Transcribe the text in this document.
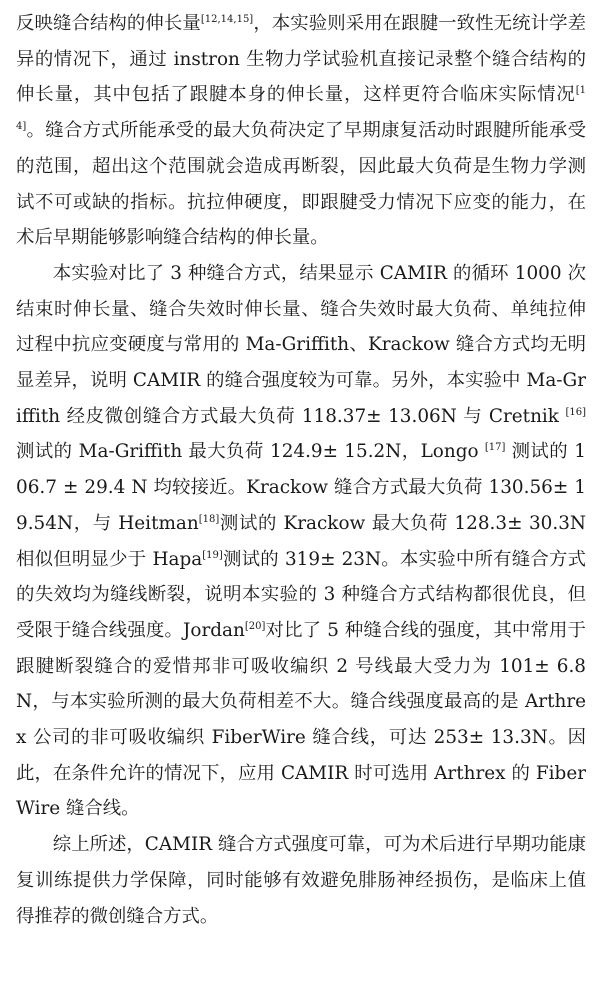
反映缝合结构的伸长量[12,14,15]，本实验则采用在跟腱一致性无统计学差异的情况下，通过 instron 生物力学试验机直接记录整个缝合结构的伸长量，其中包括了跟腱本身的伸长量，这样更符合临床实际情况[14]。缝合方式所能承受的最大负荷决定了早期康复活动时跟腱所能承受的范围，超出这个范围就会造成再断裂，因此最大负荷是生物力学测试不可或缺的指标。抗拉伸硬度，即跟腱受力情况下应变的能力，在术后早期能够影响缝合结构的伸长量。

本实验对比了 3 种缝合方式，结果显示 CAMIR 的循环 1000 次结束时伸长量、缝合失效时伸长量、缝合失效时最大负荷、单纯拉伸过程中抗应变硬度与常用的 Ma-Griffith、Krackow 缝合方式均无明显差异，说明 CAMIR 的缝合强度较为可靠。另外，本实验中 Ma-Griffith 经皮微创缝合方式最大负荷 118.37± 13.06N 与 Cretnik [16] 测试的 Ma-Griffith 最大负荷 124.9± 15.2N，Longo [17] 测试的 106.7 ± 29.4 N 均较接近。Krackow 缝合方式最大负荷 130.56± 19.54N，与 Heitman[18]测试的 Krackow 最大负荷 128.3± 30.3N 相似但明显少于 Hapa[19]测试的 319± 23N。本实验中所有缝合方式的失效均为缝线断裂，说明本实验的 3 种缝合方式结构都很优良，但受限于缝合线强度。Jordan[20]对比了 5 种缝合线的强度，其中常用于跟腱断裂缝合的爱惜邦非可吸收编织 2 号线最大受力为 101± 6.8N，与本实验所测的最大负荷相差不大。缝合线强度最高的是 Arthrex 公司的非可吸收编织 FiberWire 缝合线，可达 253± 13.3N。因此，在条件允许的情况下，应用 CAMIR 时可选用 Arthrex 的 FiberWire 缝合线。

综上所述，CAMIR 缝合方式强度可靠，可为术后进行早期功能康复训练提供力学保障，同时能够有效避免腓肠神经损伤，是临床上值得推荐的微创缝合方式。
